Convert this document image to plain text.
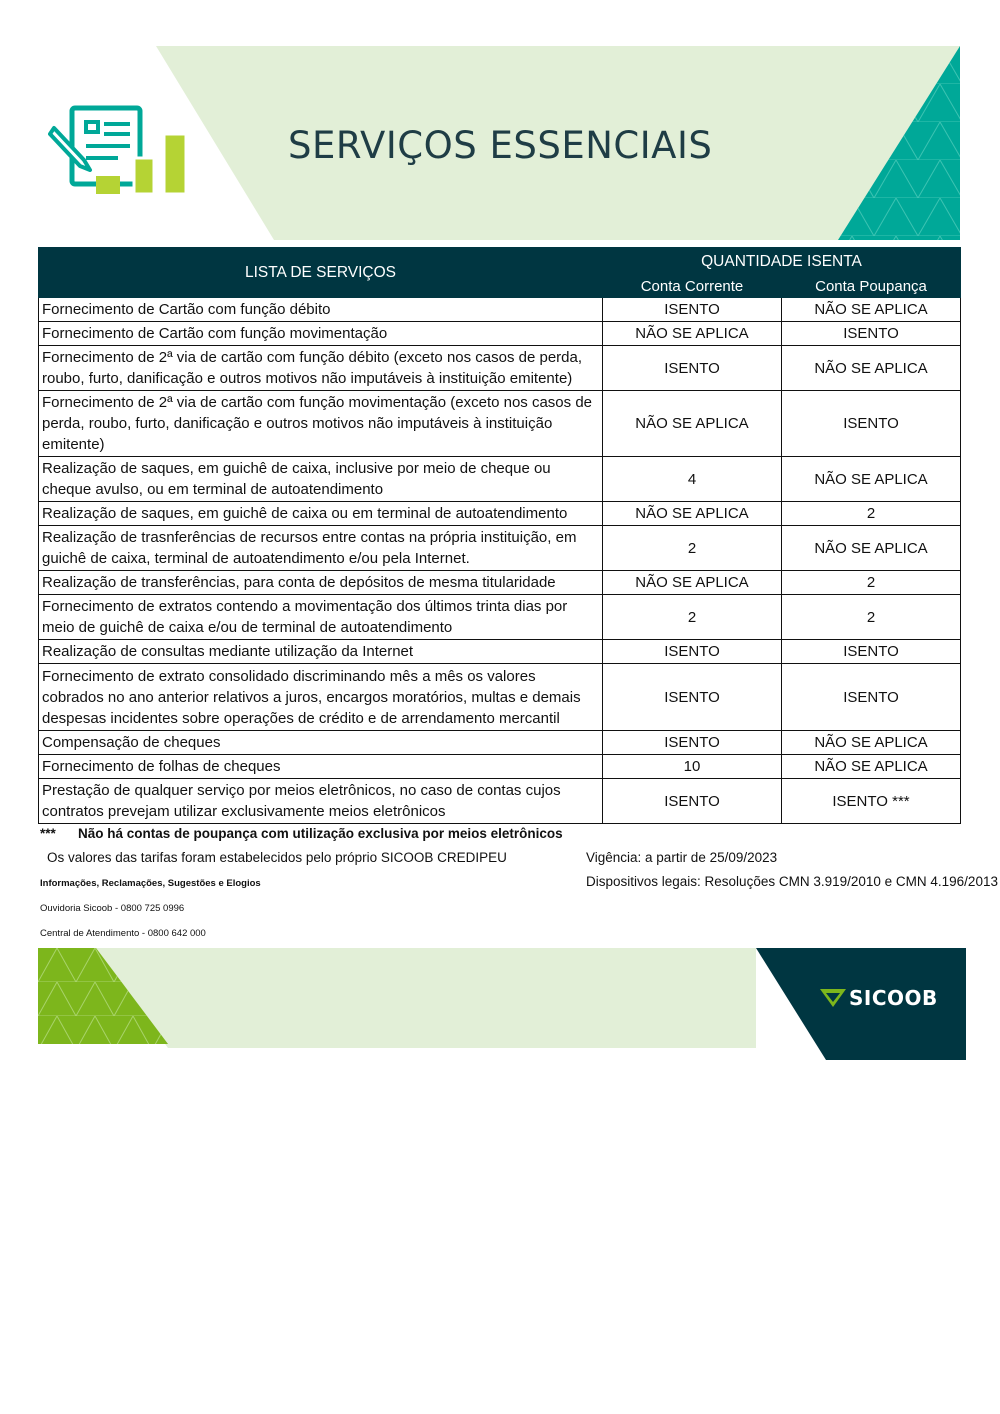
SERVIÇOS ESSENCIAIS
LISTA DE SERVIÇOS	QUANTIDADE ISENTA	
	Conta Corrente	Conta Poupança
Fornecimento de Cartão com função débito	ISENTO	NÃO SE APLICA
Fornecimento de Cartão com função movimentação	NÃO SE APLICA	ISENTO
Fornecimento de 2ª via de cartão com função débito (exceto nos casos de perda, roubo, furto, danificação e outros motivos não imputáveis à instituição emitente)	ISENTO	NÃO SE APLICA
Fornecimento de 2ª via de cartão com função movimentação (exceto nos casos de perda, roubo, furto, danificação e outros motivos não imputáveis à instituição emitente)	NÃO SE APLICA	ISENTO
Realização de saques, em guichê de caixa, inclusive por meio de cheque ou cheque avulso, ou em terminal de autoatendimento	4	NÃO SE APLICA
Realização de saques, em guichê de caixa ou em terminal de autoatendimento	NÃO SE APLICA	2
Realização de trasnferências de recursos entre contas na própria instituição, em guichê de caixa, terminal de autoatendimento e/ou pela Internet.	2	NÃO SE APLICA
Realização de transferências, para conta de depósitos de mesma titularidade	NÃO SE APLICA	2
Fornecimento de extratos contendo a movimentação dos últimos trinta dias por meio de guichê de caixa e/ou de terminal de autoatendimento	2	2
Realização de consultas mediante utilização da Internet	ISENTO	ISENTO
Fornecimento de extrato consolidado discriminando mês a mês os valores cobrados no ano anterior relativos a juros, encargos moratórios, multas e demais despesas incidentes sobre operações de crédito e de arrendamento mercantil	ISENTO	ISENTO
Compensação de cheques	ISENTO	NÃO SE APLICA
Fornecimento de folhas de cheques	10	NÃO SE APLICA
Prestação de qualquer serviço por meios eletrônicos, no caso de contas cujos contratos prevejam utilizar exclusivamente meios eletrônicos	ISENTO	ISENTO ***
*** Não há contas de poupança com utilização exclusiva por meios eletrônicos
Os valores das tarifas foram estabelecidos pelo próprio SICOOB CREDIPEU	Vigência: a partir de 25/09/2023
Dispositivos legais: Resoluções CMN 3.919/2010 e CMN 4.196/2013
Informações, Reclamações, Sugestões e Elogios
Ouvidoria Sicoob - 0800 725 0996
Central de Atendimento - 0800 642 000
SICOOB
